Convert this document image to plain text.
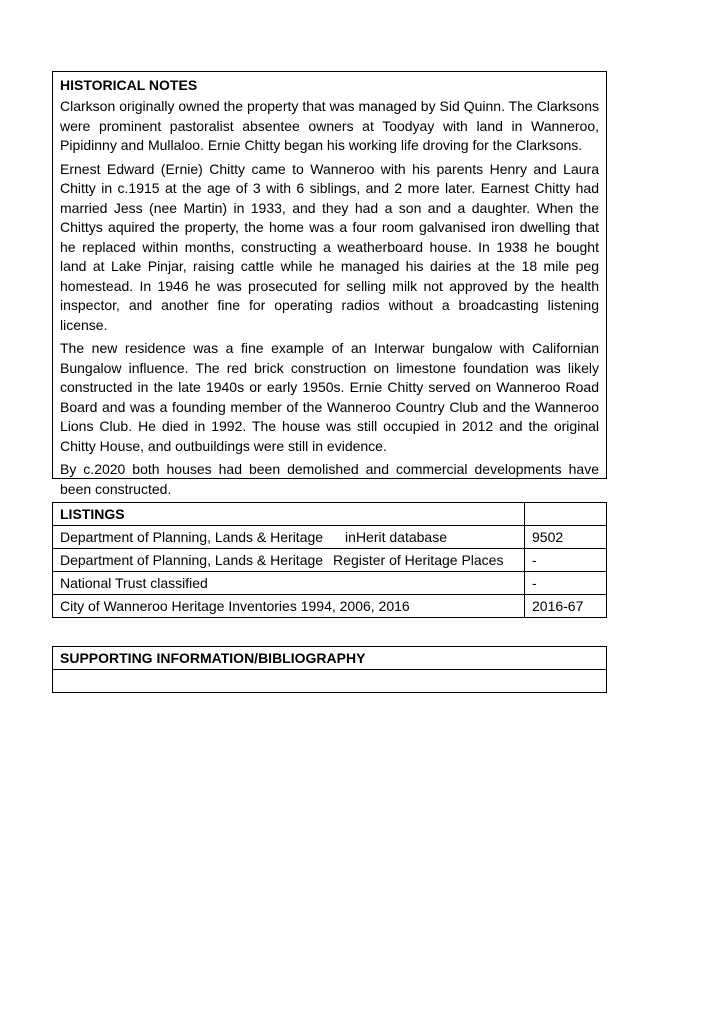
HISTORICAL NOTES

Clarkson originally owned the property that was managed by Sid Quinn. The Clarksons were prominent pastoralist absentee owners at Toodyay with land in Wanneroo, Pipidinny and Mullaloo. Ernie Chitty began his working life droving for the Clarksons.

Ernest Edward (Ernie) Chitty came to Wanneroo with his parents Henry and Laura Chitty in c.1915 at the age of 3 with 6 siblings, and 2 more later. Earnest Chitty had married Jess (nee Martin) in 1933, and they had a son and a daughter. When the Chittys aquired the property, the home was a four room galvanised iron dwelling that he replaced within months, constructing a weatherboard house. In 1938 he bought land at Lake Pinjar, raising cattle while he managed his dairies at the 18 mile peg homestead. In 1946 he was prosecuted for selling milk not approved by the health inspector, and another fine for operating radios without a broadcasting listening license.

The new residence was a fine example of an Interwar bungalow with Californian Bungalow influence. The red brick construction on limestone foundation was likely constructed in the late 1940s or early 1950s. Ernie Chitty served on Wanneroo Road Board and was a founding member of the Wanneroo Country Club and the Wanneroo Lions Club. He died in 1992. The house was still occupied in 2012 and the original Chitty House, and outbuildings were still in evidence.

By c.2020 both houses had been demolished and commercial developments have been constructed.

LISTINGS	
Department of Planning, Lands & Heritage inHerit database	9502
Department of Planning, Lands & Heritage Register of Heritage Places	-
National Trust classified	-
City of Wanneroo Heritage Inventories 1994, 2006, 2016	2016-67
SUPPORTING INFORMATION/BIBLIOGRAPHY
